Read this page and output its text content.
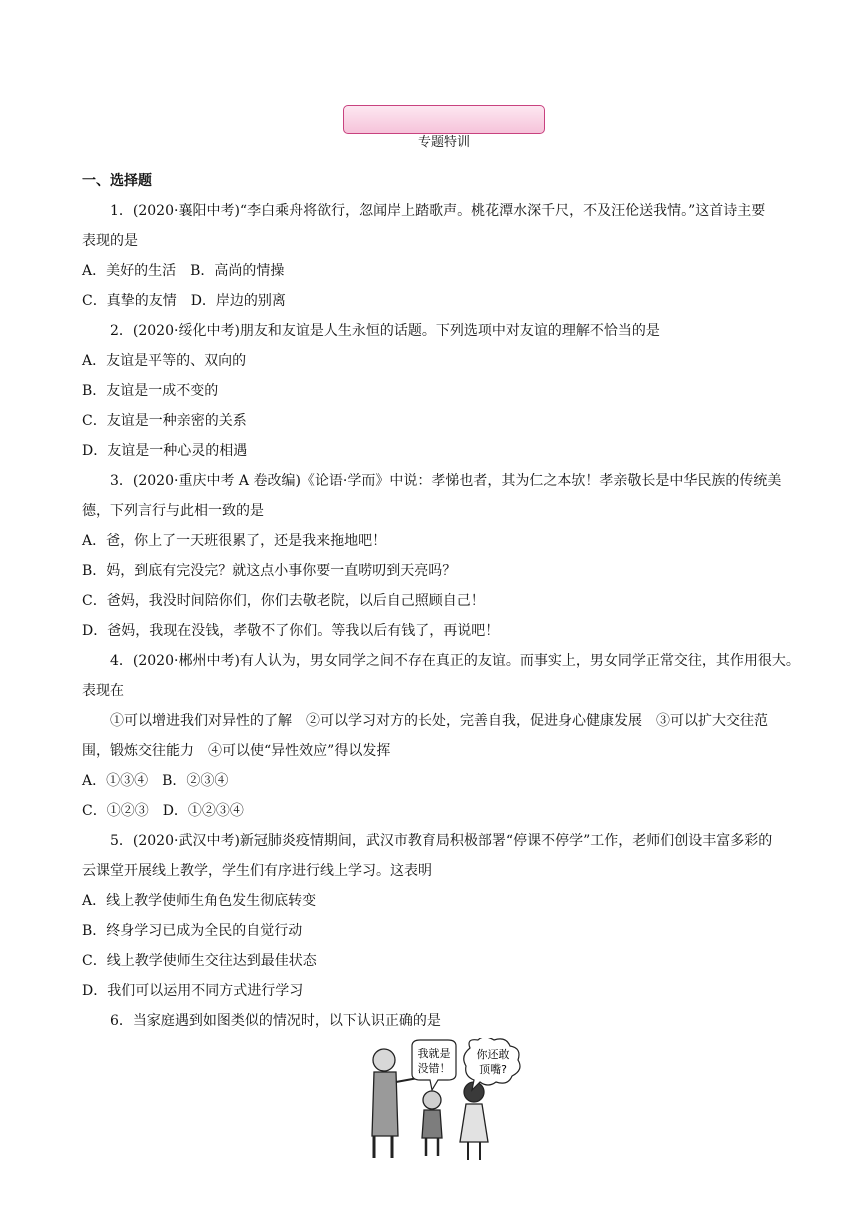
专题特训
一、选择题

1．(2020·襄阳中考)“李白乘舟将欲行，忽闻岸上踏歌声。桃花潭水深千尺，不及汪伦送我情。”这首诗主要

表现的是

A．美好的生活　B．高尚的情操

C．真挚的友情　D．岸边的别离

2．(2020·绥化中考)朋友和友谊是人生永恒的话题。下列选项中对友谊的理解不恰当的是

A．友谊是平等的、双向的

B．友谊是一成不变的

C．友谊是一种亲密的关系

D．友谊是一种心灵的相遇

3．(2020·重庆中考 A 卷改编)《论语·学而》中说：孝悌也者，其为仁之本欤！孝亲敬长是中华民族的传统美

德，下列言行与此相一致的是

A．爸，你上了一天班很累了，还是我来拖地吧！

B．妈，到底有完没完？就这点小事你要一直唠叨到天亮吗？

C．爸妈，我没时间陪你们，你们去敬老院，以后自己照顾自己！

D．爸妈，我现在没钱，孝敬不了你们。等我以后有钱了，再说吧！

4．(2020·郴州中考)有人认为，男女同学之间不存在真正的友谊。而事实上，男女同学正常交往，其作用很大。

表现在

①可以增进我们对异性的了解　②可以学习对方的长处，完善自我，促进身心健康发展　③可以扩大交往范

围，锻炼交往能力　④可以使“异性效应”得以发挥

A．①③④　B．②③④

C．①②③　D．①②③④

5．(2020·武汉中考)新冠肺炎疫情期间，武汉市教育局积极部署“停课不停学”工作，老师们创设丰富多彩的

云课堂开展线上教学，学生们有序进行线上学习。这表明

A．线上教学使师生角色发生彻底转变

B．终身学习已成为全民的自觉行动

C．线上教学使师生交往达到最佳状态

D．我们可以运用不同方式进行学习

6．当家庭遇到如图类似的情况时，以下认识正确的是

我就是
没错！
你还敢
顶嘴?
